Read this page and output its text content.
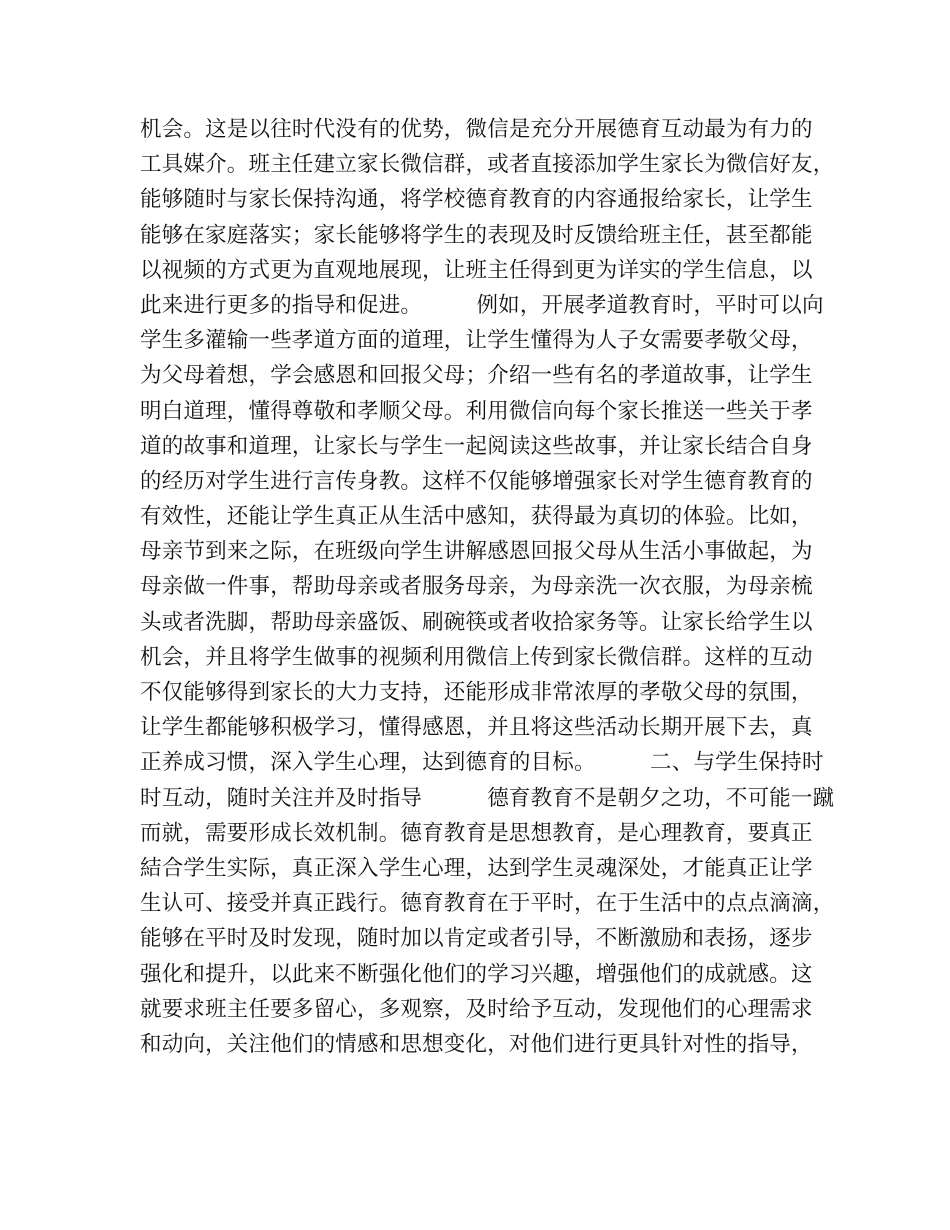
机会。这是以往时代没有的优势，微信是充分开展德育互动最为有力的
工具媒介。班主任建立家长微信群，或者直接添加学生家长为微信好友，
能够随时与家长保持沟通，将学校德育教育的内容通报给家长，让学生
能够在家庭落实；家长能够将学生的表现及时反馈给班主任，甚至都能
以视频的方式更为直观地展现，让班主任得到更为详实的学生信息，以
此来进行更多的指导和促进。　　　例如，开展孝道教育时，平时可以向
学生多灌输一些孝道方面的道理，让学生懂得为人子女需要孝敬父母，
为父母着想，学会感恩和回报父母；介绍一些有名的孝道故事，让学生
明白道理，懂得尊敬和孝顺父母。利用微信向每个家长推送一些关于孝
道的故事和道理，让家长与学生一起阅读这些故事，并让家长结合自身
的经历对学生进行言传身教。这样不仅能够增强家长对学生德育教育的
有效性，还能让学生真正从生活中感知，获得最为真切的体验。比如，
母亲节到来之际，在班级向学生讲解感恩回报父母从生活小事做起，为
母亲做一件事，帮助母亲或者服务母亲，为母亲洗一次衣服，为母亲梳
头或者洗脚，帮助母亲盛饭、刷碗筷或者收拾家务等。让家长给学生以
机会，并且将学生做事的视频利用微信上传到家长微信群。这样的互动
不仅能够得到家长的大力支持，还能形成非常浓厚的孝敬父母的氛围，
让学生都能够积极学习，懂得感恩，并且将这些活动长期开展下去，真
正养成习惯，深入学生心理，达到德育的目标。　　　二、与学生保持时
时互动，随时关注并及时指导　　　德育教育不是朝夕之功，不可能一蹴
而就，需要形成长效机制。德育教育是思想教育，是心理教育，要真正
結合学生实际，真正深入学生心理，达到学生灵魂深处，才能真正让学
生认可、接受并真正践行。德育教育在于平时，在于生活中的点点滴滴，
能够在平时及时发现，随时加以肯定或者引导，不断激励和表扬，逐步
强化和提升，以此来不断强化他们的学习兴趣，增强他们的成就感。这
就要求班主任要多留心，多观察，及时给予互动，发现他们的心理需求
和动向，关注他们的情感和思想变化，对他们进行更具针对性的指导，
